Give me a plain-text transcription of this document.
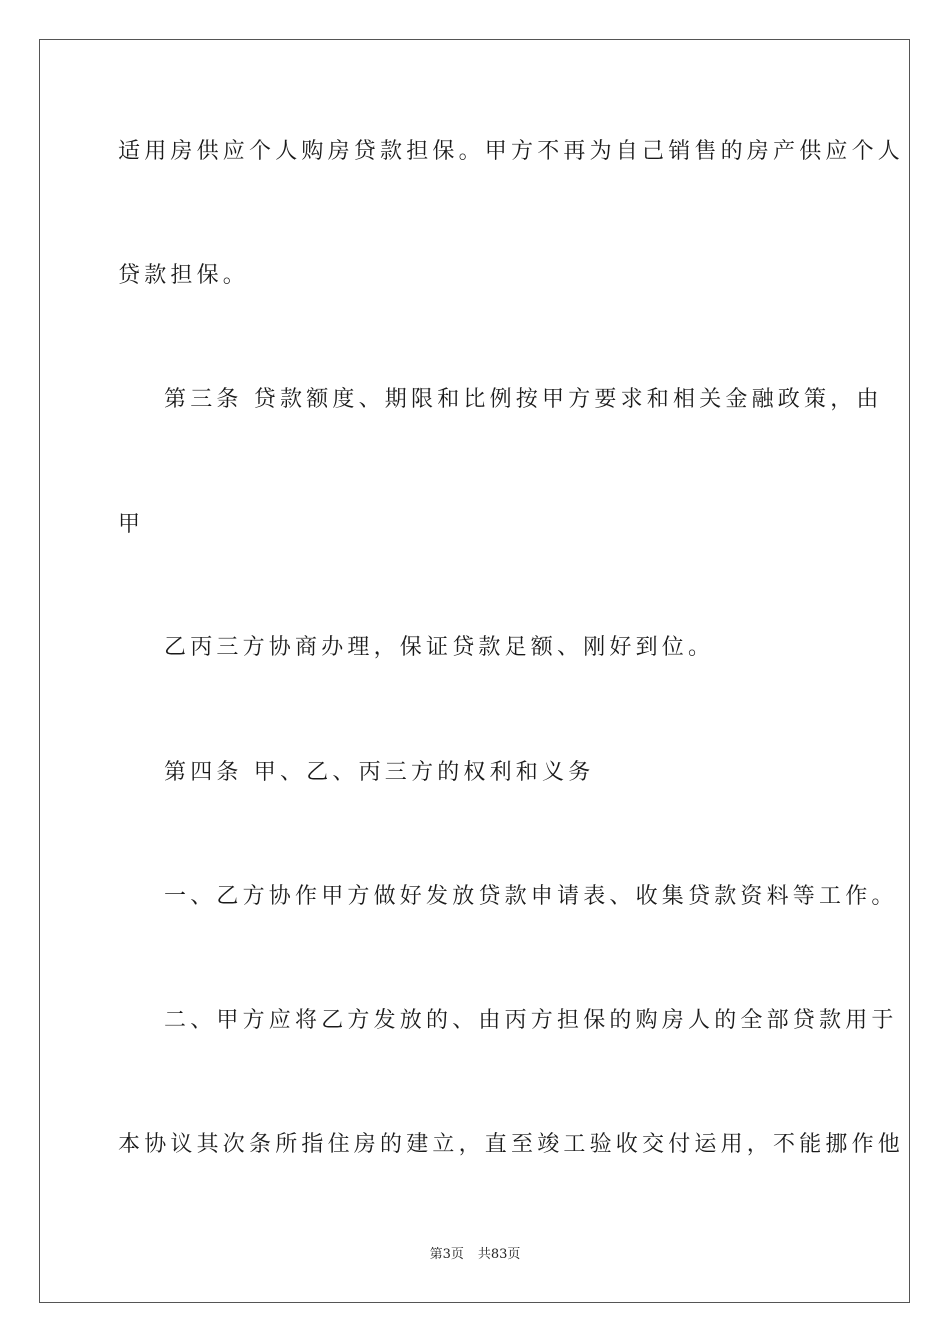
适用房供应个人购房贷款担保。甲方不再为自己销售的房产供应个人
贷款担保。
第三条 贷款额度、期限和比例按甲方要求和相关金融政策，由
甲
乙丙三方协商办理，保证贷款足额、刚好到位。
第四条 甲、乙、丙三方的权利和义务
一、乙方协作甲方做好发放贷款申请表、收集贷款资料等工作。
二、甲方应将乙方发放的、由丙方担保的购房人的全部贷款用于
本协议其次条所指住房的建立，直至竣工验收交付运用，不能挪作他
第3页 共83页
